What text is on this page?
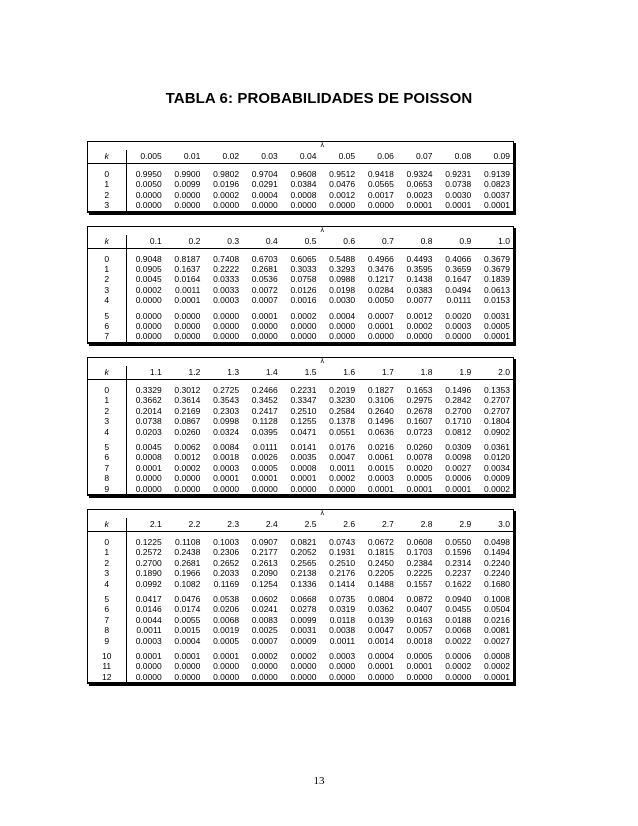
TABLA 6: PROBABILIDADES DE POISSON
						λ				
k	0.005	0.01	0.02	0.03	0.04	0.05	0.06	0.07	0.08	0.09

0	0.9950	0.9900	0.9802	0.9704	0.9608	0.9512	0.9418	0.9324	0.9231	0.9139
1	0.0050	0.0099	0.0196	0.0291	0.0384	0.0476	0.0565	0.0653	0.0738	0.0823
2	0.0000	0.0000	0.0002	0.0004	0.0008	0.0012	0.0017	0.0023	0.0030	0.0037
3	0.0000	0.0000	0.0000	0.0000	0.0000	0.0000	0.0000	0.0001	0.0001	0.0001
						λ				
k	0.1	0.2	0.3	0.4	0.5	0.6	0.7	0.8	0.9	1.0

0	0.9048	0.8187	0.7408	0.6703	0.6065	0.5488	0.4966	0.4493	0.4066	0.3679
1	0.0905	0.1637	0.2222	0.2681	0.3033	0.3293	0.3476	0.3595	0.3659	0.3679
2	0.0045	0.0164	0.0333	0.0536	0.0758	0.0988	0.1217	0.1438	0.1647	0.1839
3	0.0002	0.0011	0.0033	0.0072	0.0126	0.0198	0.0284	0.0383	0.0494	0.0613
4	0.0000	0.0001	0.0003	0.0007	0.0016	0.0030	0.0050	0.0077	0.0111	0.0153

5	0.0000	0.0000	0.0000	0.0001	0.0002	0.0004	0.0007	0.0012	0.0020	0.0031
6	0.0000	0.0000	0.0000	0.0000	0.0000	0.0000	0.0001	0.0002	0.0003	0.0005
7	0.0000	0.0000	0.0000	0.0000	0.0000	0.0000	0.0000	0.0000	0.0000	0.0001
						λ				
k	1.1	1.2	1.3	1.4	1.5	1.6	1.7	1.8	1.9	2.0

0	0.3329	0.3012	0.2725	0.2466	0.2231	0.2019	0.1827	0.1653	0.1496	0.1353
1	0.3662	0.3614	0.3543	0.3452	0.3347	0.3230	0.3106	0.2975	0.2842	0.2707
2	0.2014	0.2169	0.2303	0.2417	0.2510	0.2584	0.2640	0.2678	0.2700	0.2707
3	0.0738	0.0867	0.0998	0.1128	0.1255	0.1378	0.1496	0.1607	0.1710	0.1804
4	0.0203	0.0260	0.0324	0.0395	0.0471	0.0551	0.0636	0.0723	0.0812	0.0902

5	0.0045	0.0062	0.0084	0.0111	0.0141	0.0176	0.0216	0.0260	0.0309	0.0361
6	0.0008	0.0012	0.0018	0.0026	0.0035	0.0047	0.0061	0.0078	0.0098	0.0120
7	0.0001	0.0002	0.0003	0.0005	0.0008	0.0011	0.0015	0.0020	0.0027	0.0034
8	0.0000	0.0000	0.0001	0.0001	0.0001	0.0002	0.0003	0.0005	0.0006	0.0009
9	0.0000	0.0000	0.0000	0.0000	0.0000	0.0000	0.0001	0.0001	0.0001	0.0002
						λ				
k	2.1	2.2	2.3	2.4	2.5	2.6	2.7	2.8	2.9	3.0

0	0.1225	0.1108	0.1003	0.0907	0.0821	0.0743	0.0672	0.0608	0.0550	0.0498
1	0.2572	0.2438	0.2306	0.2177	0.2052	0.1931	0.1815	0.1703	0.1596	0.1494
2	0.2700	0.2681	0.2652	0.2613	0.2565	0.2510	0.2450	0.2384	0.2314	0.2240
3	0.1890	0.1966	0.2033	0.2090	0.2138	0.2176	0.2205	0.2225	0.2237	0.2240
4	0.0992	0.1082	0.1169	0.1254	0.1336	0.1414	0.1488	0.1557	0.1622	0.1680

5	0.0417	0.0476	0.0538	0.0602	0.0668	0.0735	0.0804	0.0872	0.0940	0.1008
6	0.0146	0.0174	0.0206	0.0241	0.0278	0.0319	0.0362	0.0407	0.0455	0.0504
7	0.0044	0.0055	0.0068	0.0083	0.0099	0.0118	0.0139	0.0163	0.0188	0.0216
8	0.0011	0.0015	0.0019	0.0025	0.0031	0.0038	0.0047	0.0057	0.0068	0.0081
9	0.0003	0.0004	0.0005	0.0007	0.0009	0.0011	0.0014	0.0018	0.0022	0.0027

10	0.0001	0.0001	0.0001	0.0002	0.0002	0.0003	0.0004	0.0005	0.0006	0.0008
11	0.0000	0.0000	0.0000	0.0000	0.0000	0.0000	0.0001	0.0001	0.0002	0.0002
12	0.0000	0.0000	0.0000	0.0000	0.0000	0.0000	0.0000	0.0000	0.0000	0.0001
13
